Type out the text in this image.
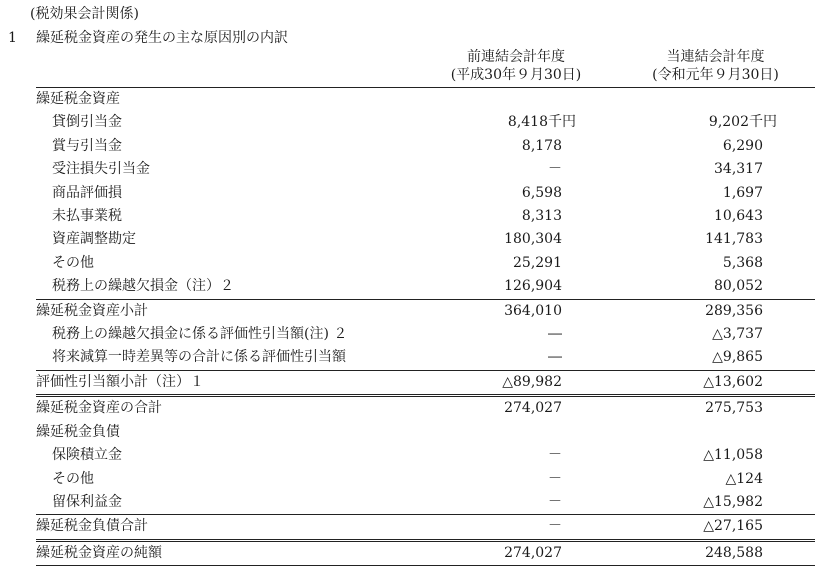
(税効果会計関係)
1 繰延税金資産の発生の主な原因別の内訳
	前連結会計年度	当連結会計年度
	(平成30年９月30日)	(令和元年９月30日)
繰延税金資産		
貸倒引当金	8,418千円	9,202千円
賞与引当金	8,178	6,290
受注損失引当金	－	34,317
商品評価損	6,598	1,697
未払事業税	8,313	10,643
資産調整勘定	180,304	141,783
その他	25,291	5,368
税務上の繰越欠損金（注）２	126,904	80,052
繰延税金資産小計	364,010	289,356
税務上の繰越欠損金に係る評価性引当額(注) ２	―	△3,737
将来減算一時差異等の合計に係る評価性引当額	―	△9,865
評価性引当額小計（注）１	△89,982	△13,602
繰延税金資産の合計	274,027	275,753
繰延税金負債		
保険積立金	－	△11,058
その他	－	△124
留保利益金	－	△15,982
繰延税金負債合計	－	△27,165
繰延税金資産の純額	274,027	248,588
